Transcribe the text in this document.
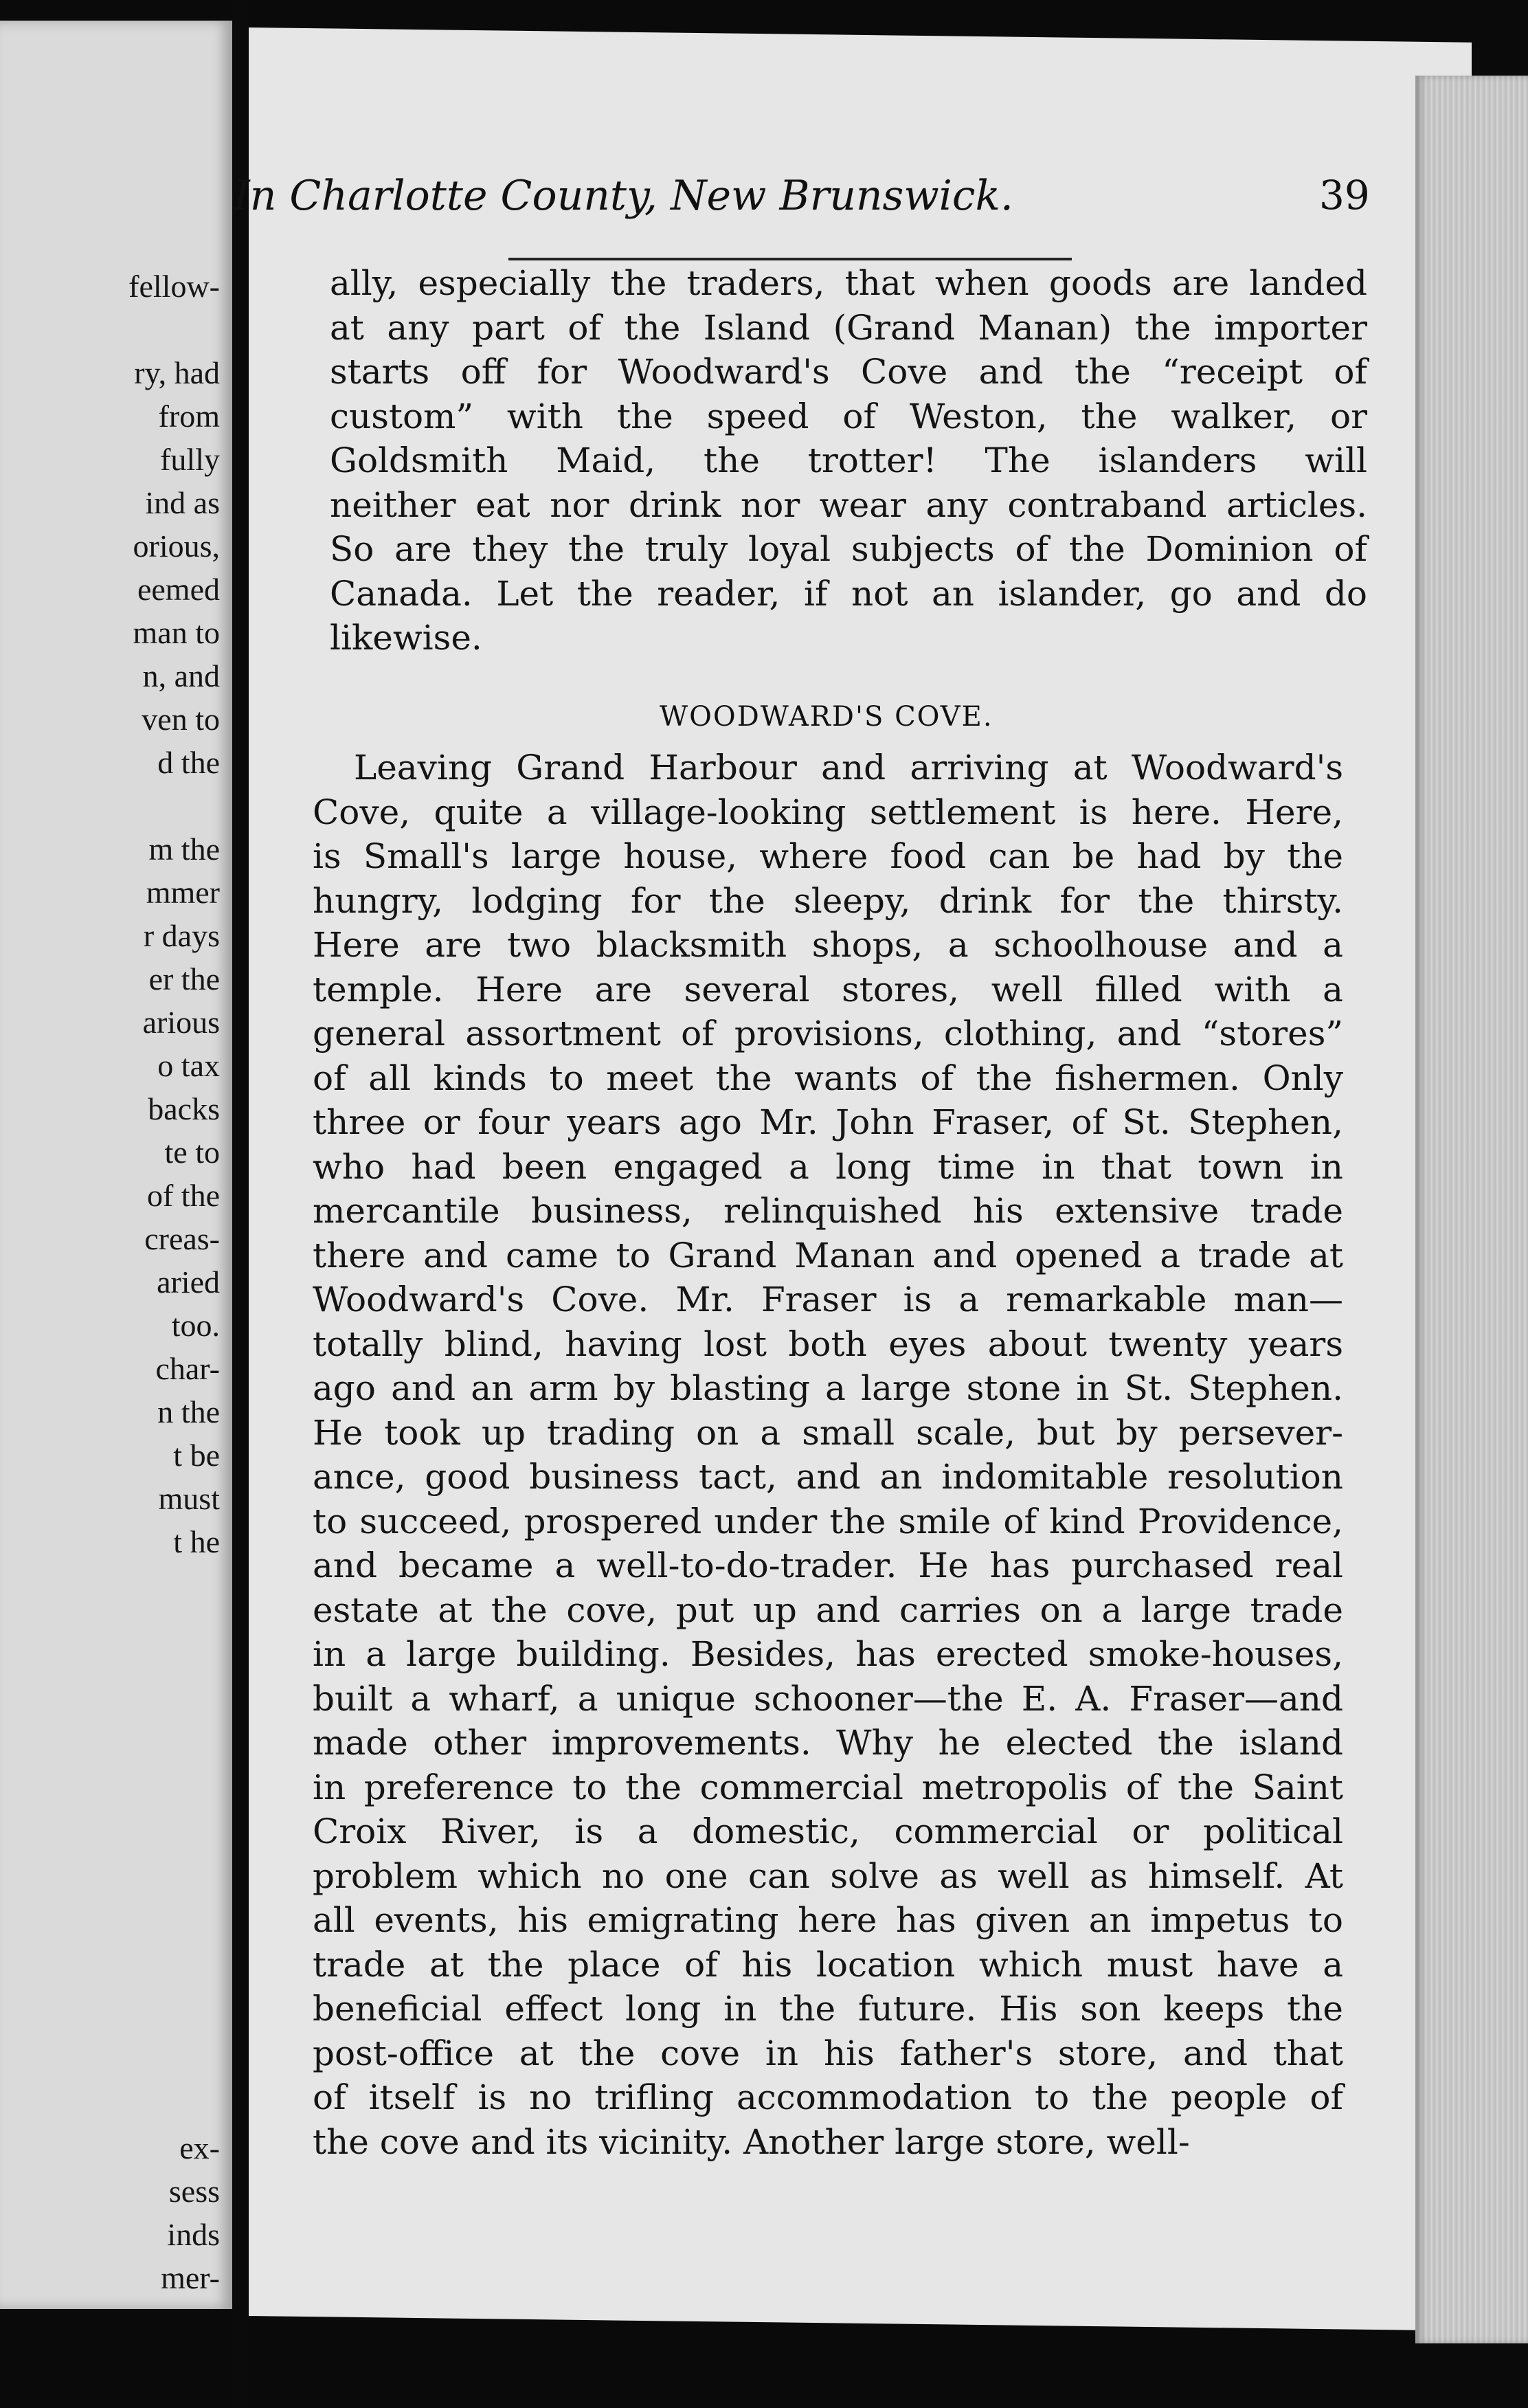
fellow-
ry, had
from
fully
ind as
orious,
eemed
man to
n, and
ven to
d the
m the
mmer
r days
er the
arious
o tax
backs
te to
of the
creas-
aried
too.
char-
n the
t be
must
t he
ex-
sess
inds
mer-
In Charlotte County, New Brunswick.	39
ally, especially the traders, that when goods are landed
at any part of the Island (Grand Manan) the importer
starts off for Woodward's Cove and the “receipt of
custom” with the speed of Weston, the walker, or
Goldsmith Maid, the trotter! The islanders will
neither eat nor drink nor wear any contraband articles.
So are they the truly loyal subjects of the Dominion of
Canada. Let the reader, if not an islander, go and do
likewise.
WOODWARD'S COVE.
Leaving Grand Harbour and arriving at Woodward's
Cove, quite a village-looking settlement is here. Here,
is Small's large house, where food can be had by the
hungry, lodging for the sleepy, drink for the thirsty.
Here are two blacksmith shops, a schoolhouse and a
temple. Here are several stores, well filled with a
general assortment of provisions, clothing, and “stores”
of all kinds to meet the wants of the fishermen. Only
three or four years ago Mr. John Fraser, of St. Stephen,
who had been engaged a long time in that town in
mercantile business, relinquished his extensive trade
there and came to Grand Manan and opened a trade at
Woodward's Cove. Mr. Fraser is a remarkable man—
totally blind, having lost both eyes about twenty years
ago and an arm by blasting a large stone in St. Stephen.
He took up trading on a small scale, but by persever-
ance, good business tact, and an indomitable resolution
to succeed, prospered under the smile of kind Providence,
and became a well-to-do-trader. He has purchased real
estate at the cove, put up and carries on a large trade
in a large building. Besides, has erected smoke-houses,
built a wharf, a unique schooner—the E. A. Fraser—and
made other improvements. Why he elected the island
in preference to the commercial metropolis of the Saint
Croix River, is a domestic, commercial or political
problem which no one can solve as well as himself. At
all events, his emigrating here has given an impetus to
trade at the place of his location which must have a
beneficial effect long in the future. His son keeps the
post-office at the cove in his father's store, and that
of itself is no trifling accommodation to the people of
the cove and its vicinity. Another large store, well-
